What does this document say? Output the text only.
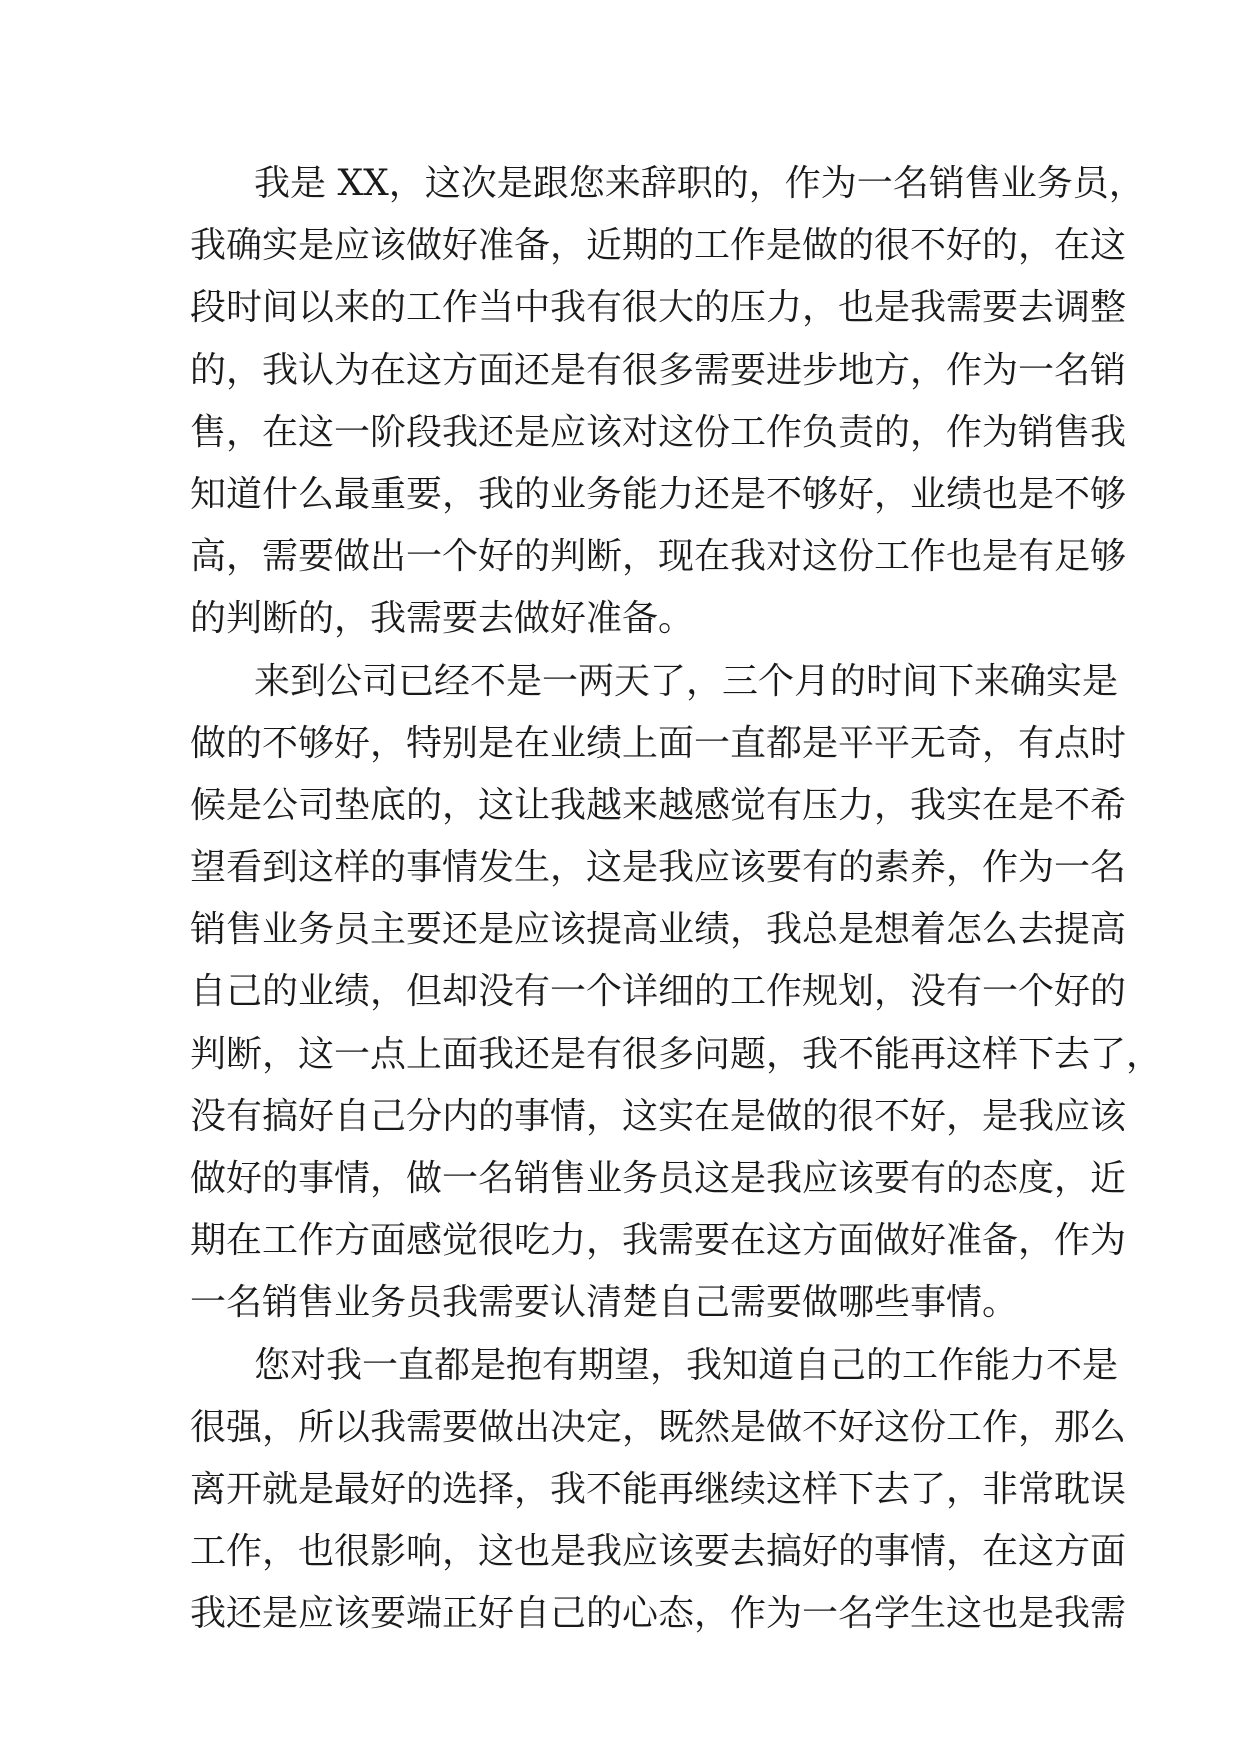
我是 XX，这次是跟您来辞职的，作为一名销售业务员，
我确实是应该做好准备，近期的工作是做的很不好的，在这
段时间以来的工作当中我有很大的压力，也是我需要去调整
的，我认为在这方面还是有很多需要进步地方，作为一名销
售，在这一阶段我还是应该对这份工作负责的，作为销售我
知道什么最重要，我的业务能力还是不够好，业绩也是不够
高，需要做出一个好的判断，现在我对这份工作也是有足够
的判断的，我需要去做好准备。
来到公司已经不是一两天了，三个月的时间下来确实是
做的不够好，特别是在业绩上面一直都是平平无奇，有点时
候是公司垫底的，这让我越来越感觉有压力，我实在是不希
望看到这样的事情发生，这是我应该要有的素养，作为一名
销售业务员主要还是应该提高业绩，我总是想着怎么去提高
自己的业绩，但却没有一个详细的工作规划，没有一个好的
判断，这一点上面我还是有很多问题，我不能再这样下去了，
没有搞好自己分内的事情，这实在是做的很不好，是我应该
做好的事情，做一名销售业务员这是我应该要有的态度，近
期在工作方面感觉很吃力，我需要在这方面做好准备，作为
一名销售业务员我需要认清楚自己需要做哪些事情。
您对我一直都是抱有期望，我知道自己的工作能力不是
很强，所以我需要做出决定，既然是做不好这份工作，那么
离开就是最好的选择，我不能再继续这样下去了，非常耽误
工作，也很影响，这也是我应该要去搞好的事情，在这方面
我还是应该要端正好自己的心态，作为一名学生这也是我需
